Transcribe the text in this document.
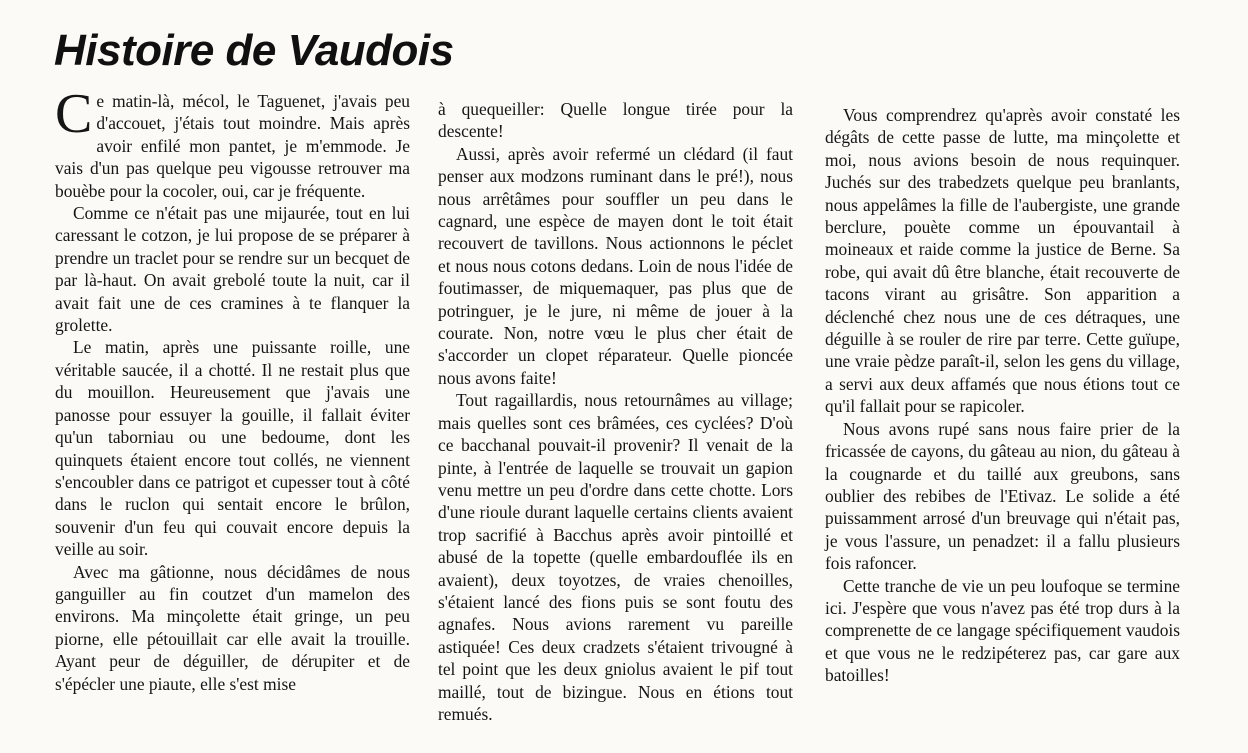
Histoire de Vaudois

Ce matin-là, mécol, le Taguenet, j'avais peu d'accouet, j'étais tout moindre. Mais après avoir enfilé mon pantet, je m'emmode. Je vais d'un pas quelque peu vigousse retrouver ma bouèbe pour la cocoler, oui, car je fréquente.

Comme ce n'était pas une mijaurée, tout en lui caressant le cotzon, je lui propose de se préparer à prendre un traclet pour se rendre sur un becquet de par là-haut. On avait grebolé toute la nuit, car il avait fait une de ces cramines à te flanquer la grolette.

Le matin, après une puissante roille, une véritable saucée, il a chotté. Il ne restait plus que du mouillon. Heureusement que j'avais une panosse pour essuyer la gouille, il fallait éviter qu'un taborniau ou une bedoume, dont les quinquets étaient encore tout collés, ne viennent s'encoubler dans ce patrigot et cupesser tout à côté dans le ruclon qui sentait encore le brûlon, souvenir d'un feu qui couvait encore depuis la veille au soir.

Avec ma gâtionne, nous décidâmes de nous ganguiller au fin coutzet d'un mamelon des environs. Ma minçolette était gringe, un peu piorne, elle pétouillait car elle avait la trouille. Ayant peur de déguiller, de dérupiter et de s'épécler une piaute, elle s'est mise

à quequeiller: Quelle longue tirée pour la descente!

Aussi, après avoir refermé un clédard (il faut penser aux modzons ruminant dans le pré!), nous nous arrêtâmes pour souffler un peu dans le cagnard, une espèce de mayen dont le toit était recouvert de tavillons. Nous actionnons le péclet et nous nous cotons dedans. Loin de nous l'idée de foutimasser, de miquemaquer, pas plus que de potringuer, je le jure, ni même de jouer à la courate. Non, notre vœu le plus cher était de s'accorder un clopet réparateur. Quelle pioncée nous avons faite!

Tout ragaillardis, nous retournâmes au village; mais quelles sont ces brâmées, ces cyclées? D'où ce bacchanal pouvait-il provenir? Il venait de la pinte, à l'entrée de laquelle se trouvait un gapion venu mettre un peu d'ordre dans cette chotte. Lors d'une rioule durant laquelle certains clients avaient trop sacrifié à Bacchus après avoir pintoillé et abusé de la topette (quelle embardouflée ils en avaient), deux toyotzes, de vraies chenoilles, s'étaient lancé des fions puis se sont foutu des agnafes. Nous avions rarement vu pareille astiquée! Ces deux cradzets s'étaient trivougné à tel point que les deux gniolus avaient le pif tout maillé, tout de bizingue. Nous en étions tout remués.

Vous comprendrez qu'après avoir constaté les dégâts de cette passe de lutte, ma minçolette et moi, nous avions besoin de nous requinquer. Juchés sur des trabedzets quelque peu branlants, nous appelâmes la fille de l'aubergiste, une grande berclure, pouète comme un épouvantail à moineaux et raide comme la justice de Berne. Sa robe, qui avait dû être blanche, était recouverte de tacons virant au grisâtre. Son apparition a déclenché chez nous une de ces détraques, une déguille à se rouler de rire par terre. Cette guïupe, une vraie pèdze paraît-il, selon les gens du village, a servi aux deux affamés que nous étions tout ce qu'il fallait pour se rapicoler.

Nous avons rupé sans nous faire prier de la fricassée de cayons, du gâteau au nion, du gâteau à la cougnarde et du taillé aux greubons, sans oublier des rebibes de l'Etivaz. Le solide a été puissamment arrosé d'un breuvage qui n'était pas, je vous l'assure, un penadzet: il a fallu plusieurs fois rafoncer.

Cette tranche de vie un peu loufoque se termine ici. J'espère que vous n'avez pas été trop durs à la comprenette de ce langage spécifiquement vaudois et que vous ne le redzipéterez pas, car gare aux batoilles!
